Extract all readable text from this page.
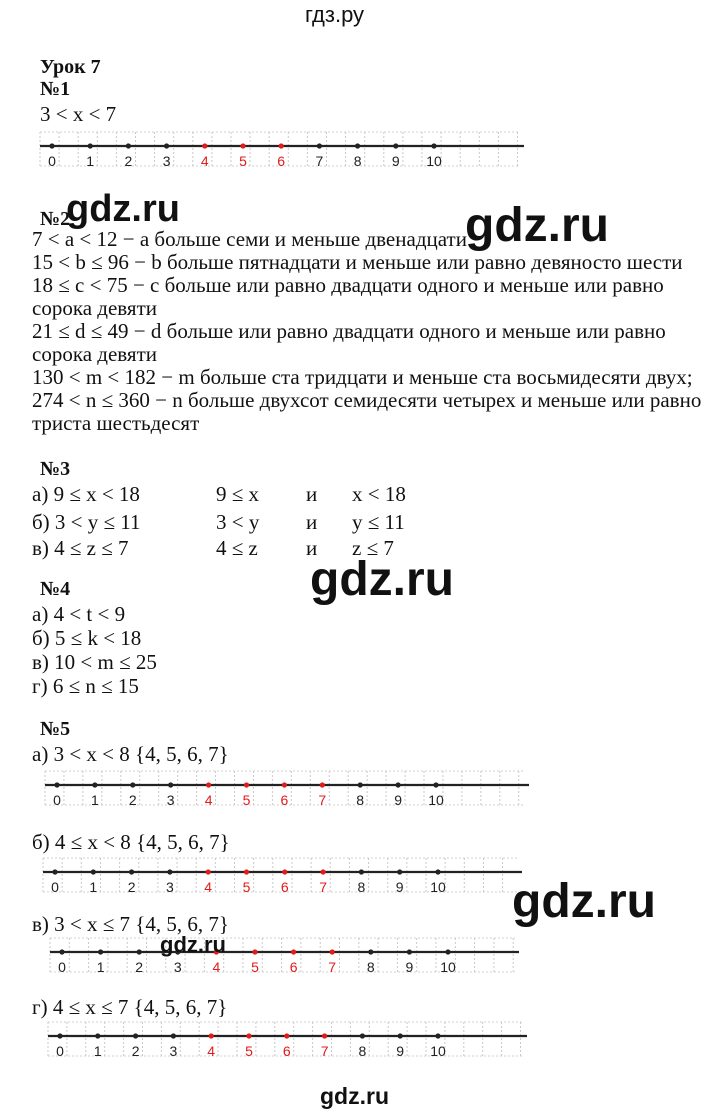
гдз.ру
Урок 7
№1
3 < x < 7
0 1 2 3 4 5 6 7 8 9 10
№2
7 < a < 12 − a больше семи и меньше двенадцати
15 < b ≤ 96 − b больше пятнадцати и меньше или равно девяносто шести
18 ≤ c < 75 − c больше или равно двадцати одного и меньше или равно
сорока девяти
21 ≤ d ≤ 49 − d больше или равно двадцати одного и меньше или равно
сорока девяти
130 < m < 182 − m больше ста тридцати и меньше ста восьмидесяти двух;
274 < n ≤ 360 − n больше двухсот семидесяти четырех и меньше или равно
триста шестьдесят
№3
а) 9 ≤ x < 18	9 ≤ x и x < 18
б) 3 < y ≤ 11	3 < y и y ≤ 11
в) 4 ≤ z ≤ 7	4 ≤ z и z ≤ 7
№4
а) 4 < t < 9
б) 5 ≤ k < 18
в) 10 < m ≤ 25
г) 6 ≤ n ≤ 15
№5
а) 3 < x < 8 {4, 5, 6, 7}
0 1 2 3 4 5 6 7 8 9 10
б) 4 ≤ x < 8 {4, 5, 6, 7}
0 1 2 3 4 5 6 7 8 9 10
в) 3 < x ≤ 7 {4, 5, 6, 7}
0 1 2 3 4 5 6 7 8 9 10
г) 4 ≤ x ≤ 7 {4, 5, 6, 7}
0 1 2 3 4 5 6 7 8 9 10
gdz.ru	gdz.ru
gdz.ru
gdz.ru
gdz.ru
gdz.ru
